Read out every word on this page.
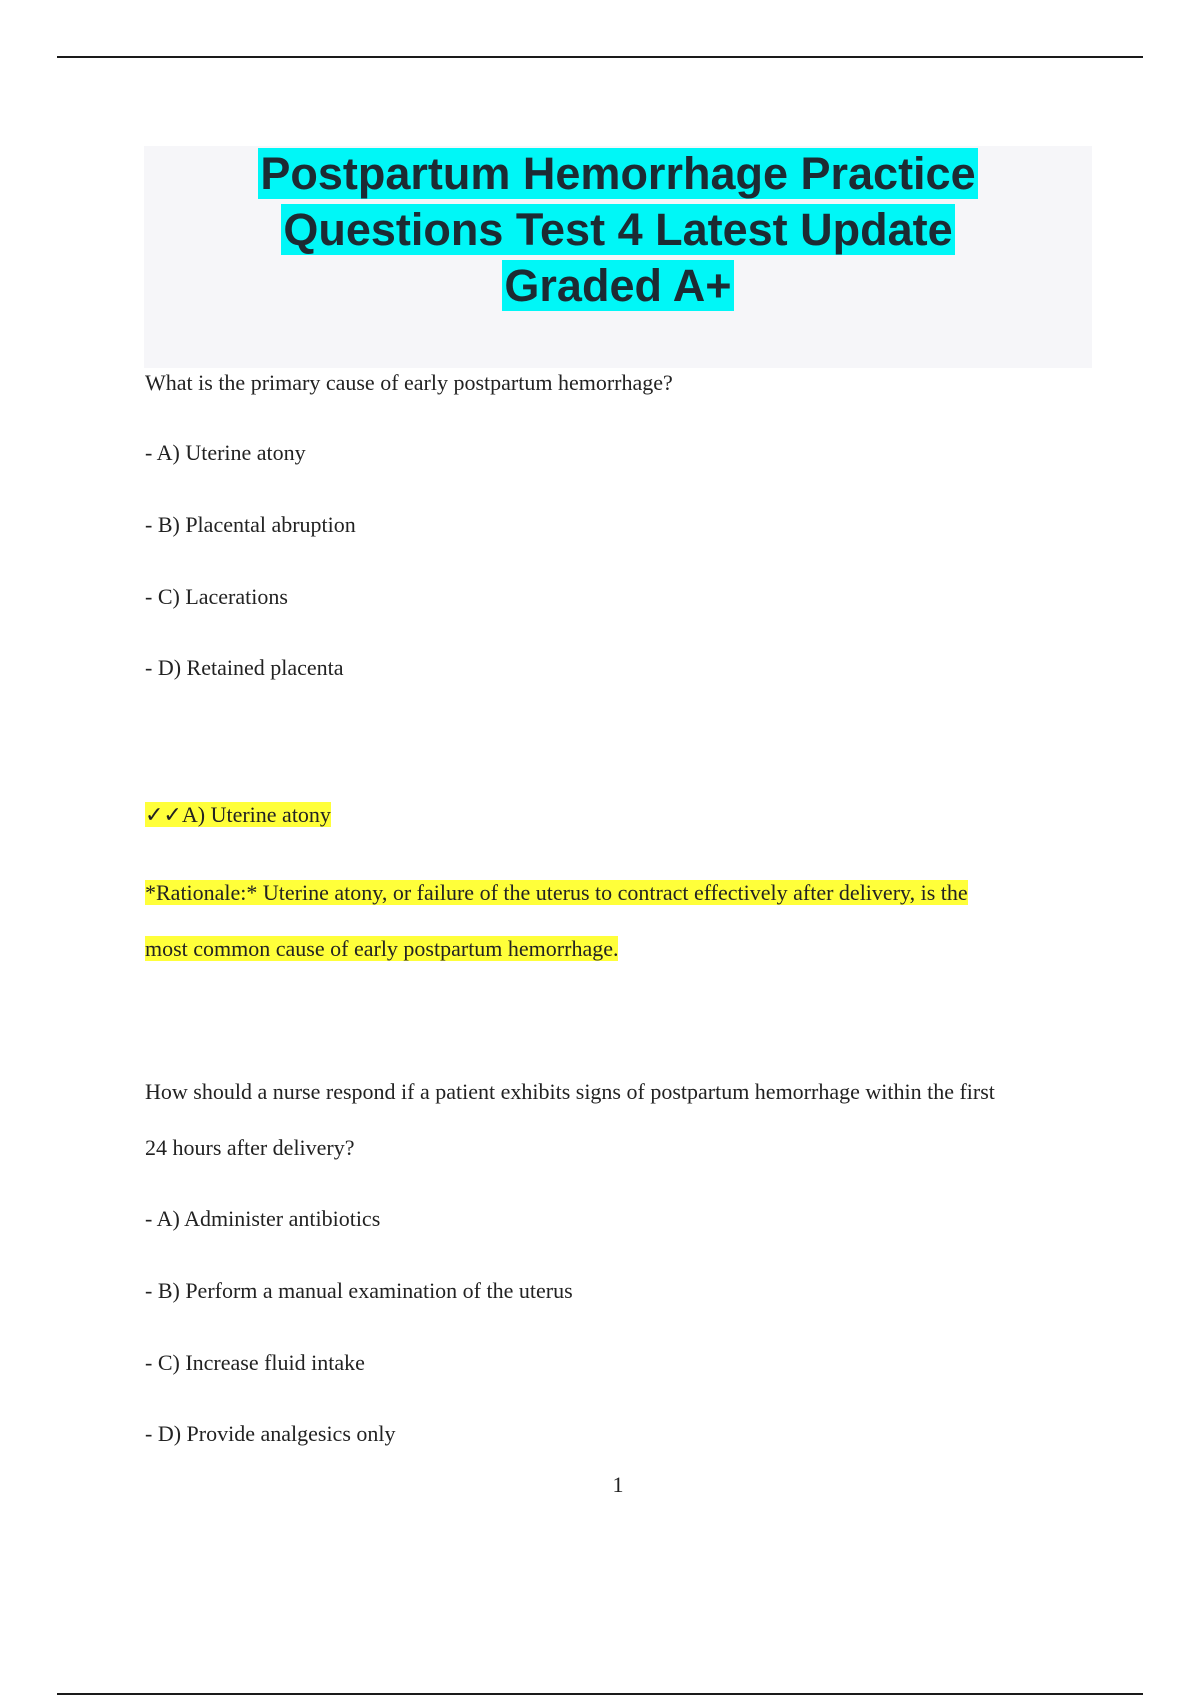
Postpartum Hemorrhage Practice
Questions Test 4 Latest Update
Graded A+

What is the primary cause of early postpartum hemorrhage?

- A) Uterine atony

- B) Placental abruption

- C) Lacerations

- D) Retained placenta

✓✓A) Uterine atony

*Rationale:* Uterine atony, or failure of the uterus to contract effectively after delivery, is the

most common cause of early postpartum hemorrhage.

How should a nurse respond if a patient exhibits signs of postpartum hemorrhage within the first

24 hours after delivery?

- A) Administer antibiotics

- B) Perform a manual examination of the uterus

- C) Increase fluid intake

- D) Provide analgesics only

1
